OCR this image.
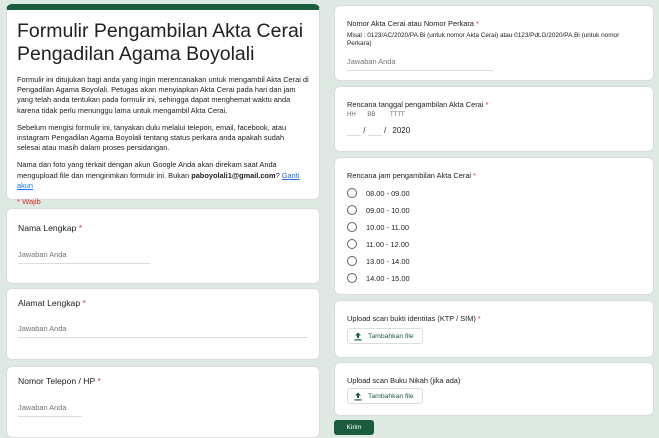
Formulir Pengambilan Akta Cerai Pengadilan Agama Boyolali

Formulir ini ditujukan bagi anda yang ingin merencanakan untuk mengambil Akta Cerai di Pengadilan Agama Boyolali. Petugas akan menyiapkan Akta Cerai pada hari dan jam yang telah anda tentukan pada formulir ini, sehingga dapat menghemat waktu anda karena tidak perlu menunggu lama untuk mengambil Akta Cerai.

Sebelum mengisi formulir ini, tanyakan dulu melalui telepon, email, facebook, atau instagram Pengadilan Agama Boyolali tentang status perkara anda apakah sudah selesai atau masih dalam proses persidangan.

Nama dan foto yang terkait dengan akun Google Anda akan direkam saat Anda mengupload file dan mengirimkan formulir ini. Bukan paboyolali1@gmail.com? Ganti akun

* Wajib
Nama Lengkap *
Jawaban Anda
Alamat Lengkap *
Jawaban Anda
Nomor Telepon / HP *
Jawaban Anda
Nomor Akta Cerai atau Nomor Perkara *
Misal : 0123/AC/2020/PA.Bi (untuk nomor Akta Cerai) atau 0123/Pdt.G/2020/PA.Bi (untuk nomor Perkara)
Jawaban Anda
Rencana tanggal pengambilan Akta Cerai *
HH BB TTTT
/ / 2020
Rencana jam pengambilan Akta Cerai *
08.00 - 09.00
09.00 - 10.00
10.00 - 11.00
11.00 - 12.00
13.00 - 14.00
14.00 - 15.00
Upload scan bukti identitas (KTP / SIM) *
Tambahkan file
Upload scan Buku Nikah (jika ada)
Tambahkan file
Kirim
